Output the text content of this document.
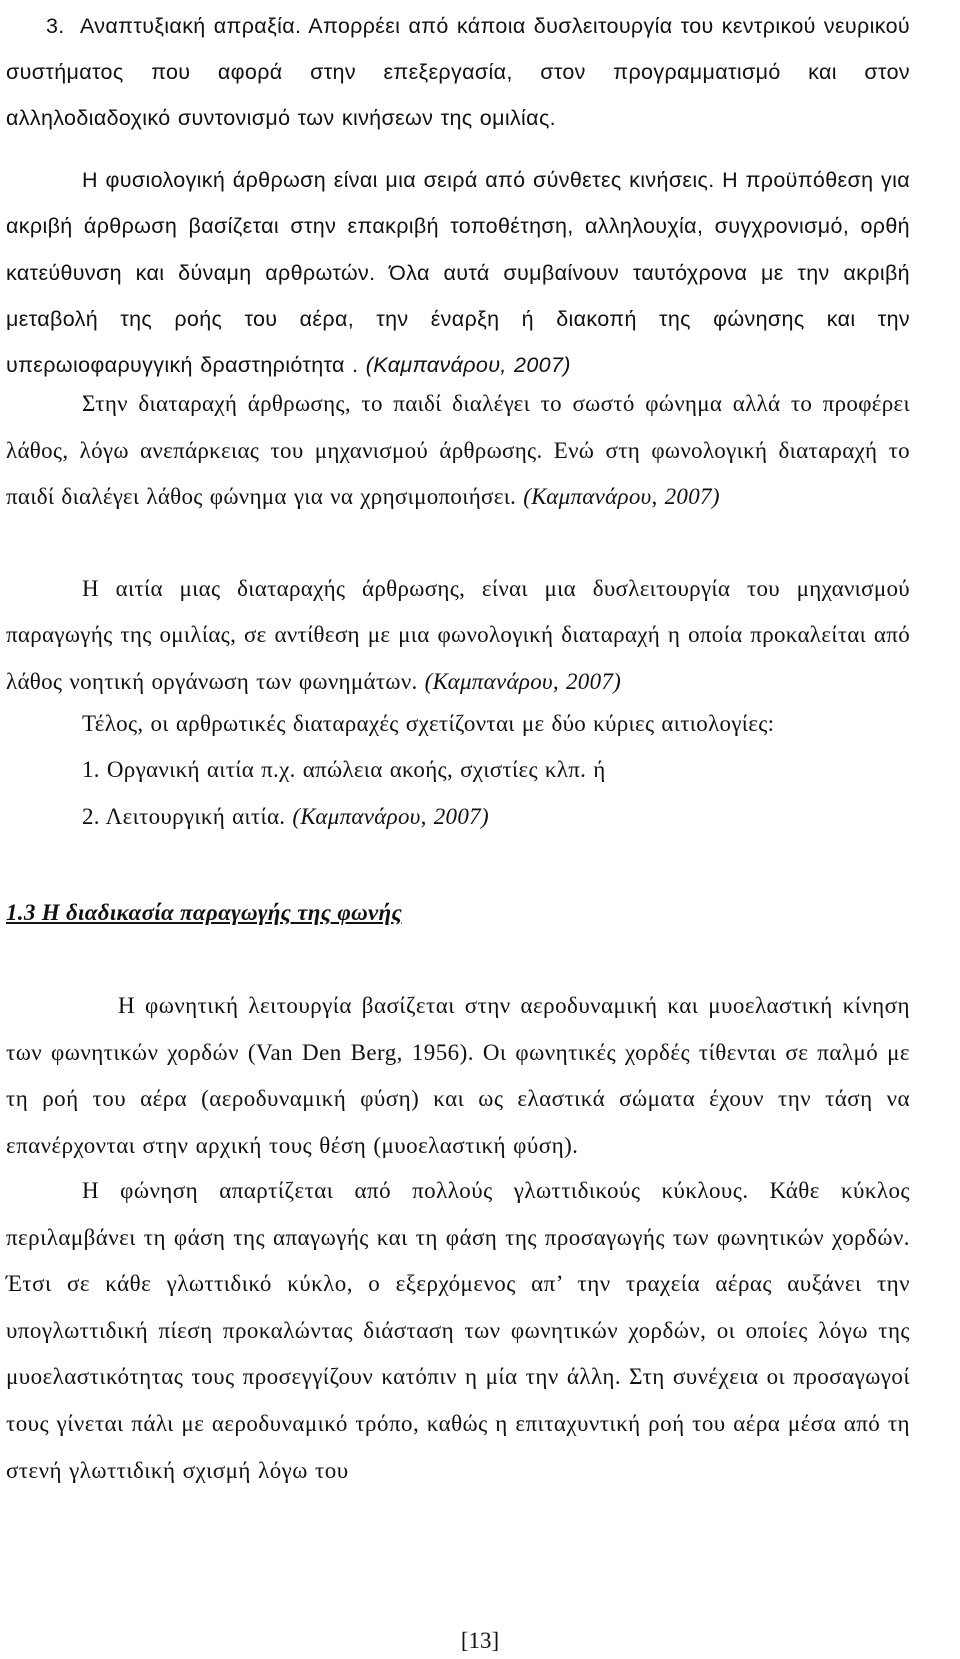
3. Αναπτυξιακή απραξία. Απορρέει από κάποια δυσλειτουργία του κεντρικού νευρικού συστήματος που αφορά στην επεξεργασία, στον προγραμματισμό και στον αλληλοδιαδοχικό συντονισμό των κινήσεων της ομιλίας.

Η φυσιολογική άρθρωση είναι μια σειρά από σύνθετες κινήσεις. Η προϋπόθεση για ακριβή άρθρωση βασίζεται στην επακριβή τοποθέτηση, αλληλουχία, συγχρονισμό, ορθή κατεύθυνση και δύναμη αρθρωτών. Όλα αυτά συμβαίνουν ταυτόχρονα με την ακριβή μεταβολή της ροής του αέρα, την έναρξη ή διακοπή της φώνησης και την υπερωιοφαρυγγική δραστηριότητα . (Καμπανάρου, 2007)

Στην διαταραχή άρθρωσης, το παιδί διαλέγει το σωστό φώνημα αλλά το προφέρει λάθος, λόγω ανεπάρκειας του μηχανισμού άρθρωσης. Ενώ στη φωνολογική διαταραχή το παιδί διαλέγει λάθος φώνημα για να χρησιμοποιήσει. (Καμπανάρου, 2007)

Η αιτία μιας διαταραχής άρθρωσης, είναι μια δυσλειτουργία του μηχανισμού παραγωγής της ομιλίας, σε αντίθεση με μια φωνολογική διαταραχή η οποία προκαλείται από λάθος νοητική οργάνωση των φωνημάτων. (Καμπανάρου, 2007)

Τέλος, οι αρθρωτικές διαταραχές σχετίζονται με δύο κύριες αιτιολογίες:

1. Οργανική αιτία π.χ. απώλεια ακοής, σχιστίες κλπ. ή

2. Λειτουργική αιτία. (Καμπανάρου, 2007)

1.3 Η διαδικασία παραγωγής της φωνής

Η φωνητική λειτουργία βασίζεται στην αεροδυναμική και μυοελαστική κίνηση των φωνητικών χορδών (Van Den Berg, 1956). Οι φωνητικές χορδές τίθενται σε παλμό με τη ροή του αέρα (αεροδυναμική φύση) και ως ελαστικά σώματα έχουν την τάση να επανέρχονται στην αρχική τους θέση (μυοελαστική φύση).

Η φώνηση απαρτίζεται από πολλούς γλωττιδικούς κύκλους. Κάθε κύκλος περιλαμβάνει τη φάση της απαγωγής και τη φάση της προσαγωγής των φωνητικών χορδών. Έτσι σε κάθε γλωττιδικό κύκλο, ο εξερχόμενος απ’ την τραχεία αέρας αυξάνει την υπογλωττιδική πίεση προκαλώντας διάσταση των φωνητικών χορδών, οι οποίες λόγω της μυοελαστικότητας τους προσεγγίζουν κατόπιν η μία την άλλη. Στη συνέχεια οι προσαγωγοί τους γίνεται πάλι με αεροδυναμικό τρόπο, καθώς η επιταχυντική ροή του αέρα μέσα από τη στενή γλωττιδική σχισμή λόγω του

[13]
